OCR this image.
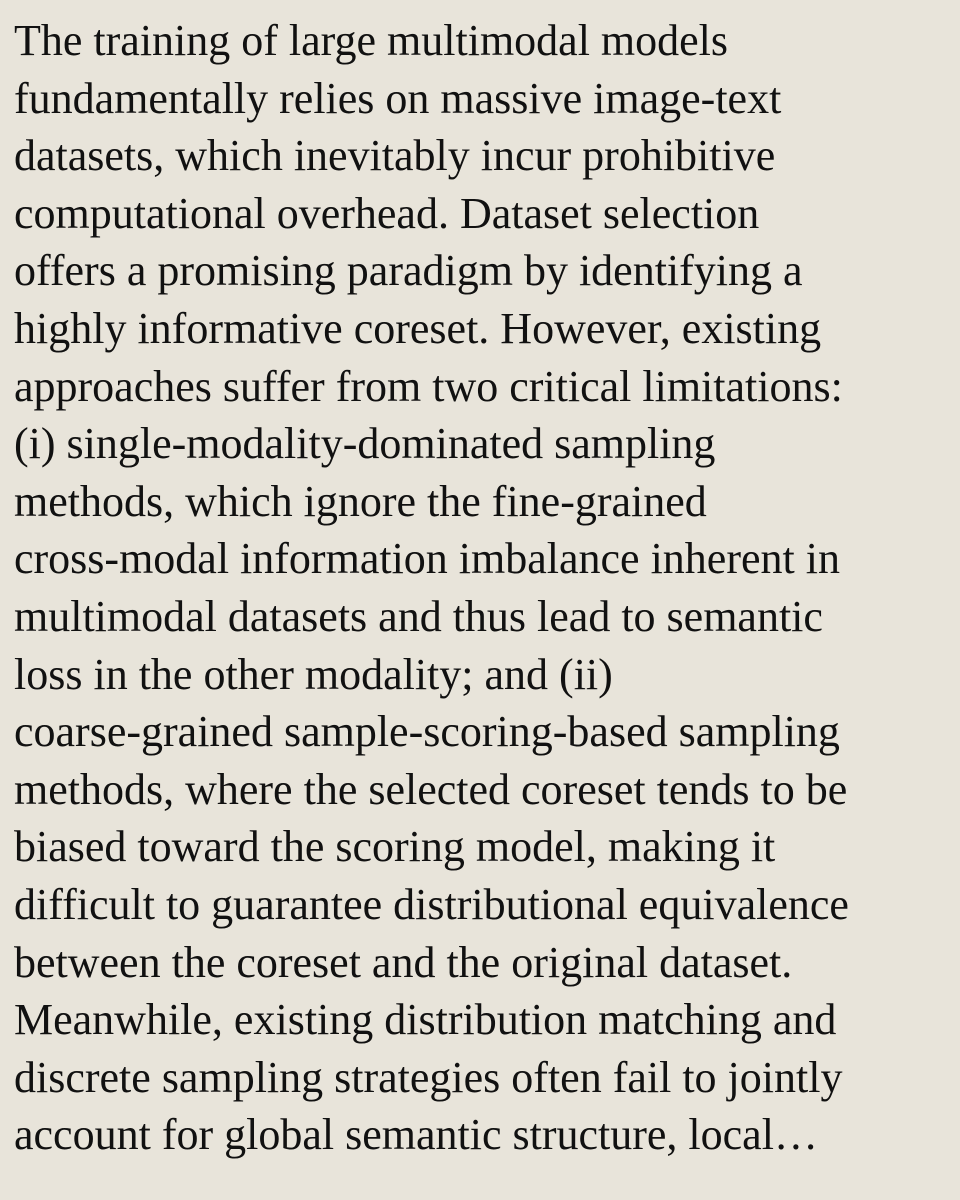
The training of large multimodal models
fundamentally relies on massive image-text
datasets, which inevitably incur prohibitive
computational overhead. Dataset selection
offers a promising paradigm by identifying a
highly informative coreset. However, existing
approaches suffer from two critical limitations:
(i) single-modality-dominated sampling
methods, which ignore the fine-grained
cross-modal information imbalance inherent in
multimodal datasets and thus lead to semantic
loss in the other modality; and (ii)
coarse-grained sample-scoring-based sampling
methods, where the selected coreset tends to be
biased toward the scoring model, making it
difficult to guarantee distributional equivalence
between the coreset and the original dataset.
Meanwhile, existing distribution matching and
discrete sampling strategies often fail to jointly
account for global semantic structure, local…
